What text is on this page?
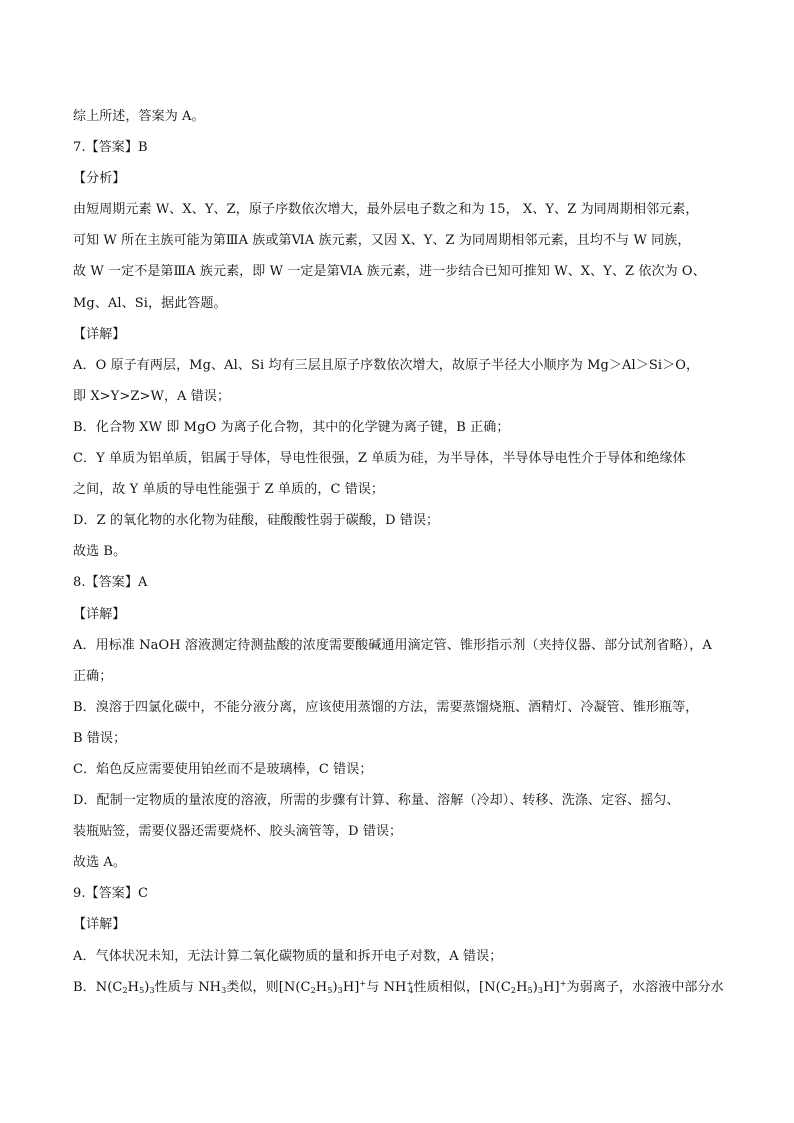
综上所述，答案为 A。
7.【答案】B
【分析】
由短周期元素 W、X、Y、Z，原子序数依次增大，最外层电子数之和为 15， X、Y、Z 为同周期相邻元素，
可知 W 所在主族可能为第ⅢA 族或第ⅥA 族元素，又因 X、Y、Z 为同周期相邻元素，且均不与 W 同族，
故 W 一定不是第ⅢA 族元素，即 W 一定是第ⅥA 族元素，进一步结合已知可推知 W、X、Y、Z 依次为 O、
Mg、Al、Si，据此答题。
【详解】
A．O 原子有两层，Mg、Al、Si 均有三层且原子序数依次增大，故原子半径大小顺序为 Mg＞Al＞Si＞O，
即 X>Y>Z>W，A 错误；
B．化合物 XW 即 MgO 为离子化合物，其中的化学键为离子键，B 正确；
C．Y 单质为铝单质，铝属于导体，导电性很强，Z 单质为硅，为半导体，半导体导电性介于导体和绝缘体
之间，故 Y 单质的导电性能强于 Z 单质的，C 错误；
D．Z 的氧化物的水化物为硅酸，硅酸酸性弱于碳酸，D 错误；
故选 B。
8.【答案】A
【详解】
A．用标准 NaOH 溶液测定待测盐酸的浓度需要酸碱通用滴定管、锥形指示剂（夹持仪器、部分试剂省略），A
正确；
B．溴溶于四氯化碳中，不能分液分离，应该使用蒸馏的方法，需要蒸馏烧瓶、酒精灯、冷凝管、锥形瓶等，
B 错误；
C．焰色反应需要使用铂丝而不是玻璃棒，C 错误；
D．配制一定物质的量浓度的溶液，所需的步骤有计算、称量、溶解（冷却）、转移、洗涤、定容、摇匀、
装瓶贴签，需要仪器还需要烧杯、胶头滴管等，D 错误；
故选 A。
9.【答案】C
【详解】
A．气体状况未知，无法计算二氧化碳物质的量和拆开电子对数，A 错误；
B．$N(C_2H_5)_3$性质与 $NH_3$类似，则$[N(C_2H_5)_3H]^+$与 $NH^+_4$性质相似，$[N(C_2H_5)_3H]^+$为弱离子，水溶液中部分水
